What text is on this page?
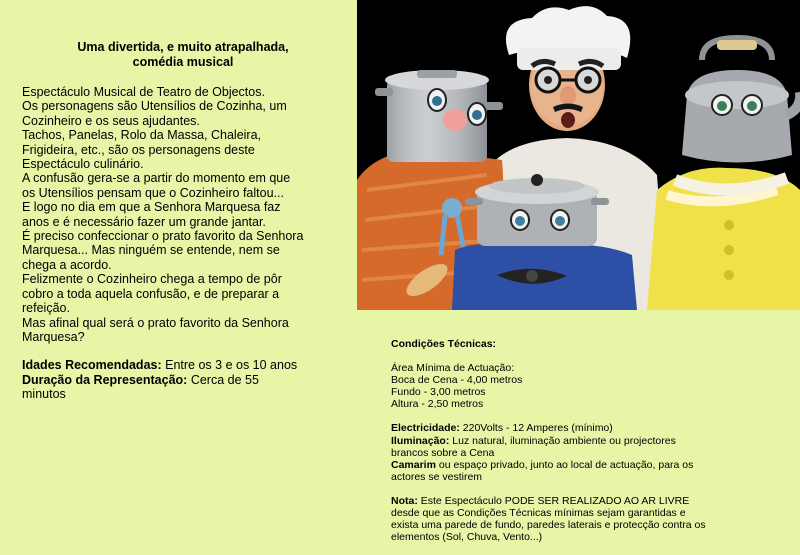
Uma divertida, e muito atrapalhada,
comédia musical

Espectáculo Musical de Teatro de Objectos.
Os personagens são Utensílios de Cozinha, um
Cozinheiro e os seus ajudantes.
Tachos, Panelas, Rolo da Massa, Chaleira,
Frigideira, etc., são os personagens deste
Espectáculo culinário.
A confusão gera-se a partir do momento em que
os Utensílios pensam que o Cozinheiro faltou...
E logo no dia em que a Senhora Marquesa faz
anos e é necessário fazer um grande jantar.
É preciso confeccionar o prato favorito da Senhora
Marquesa... Mas ninguém se entende, nem se
chega a acordo.
Felizmente o Cozinheiro chega a tempo de pôr
cobro a toda aquela confusão, e de preparar a
refeição.
Mas afinal qual será o prato favorito da Senhora
Marquesa?

Idades Recomendadas: Entre os 3 e os 10 anos
Duração da Representação: Cerca de 55
minutos
Condições Técnicas:
Área Mínima de Actuação:
Boca de Cena - 4,00 metros
Fundo - 3,00 metros
Altura - 2,50 metros
Electricidade: 220Volts - 12 Amperes (mínimo)
Iluminação: Luz natural, iluminação ambiente ou projectores
brancos sobre a Cena
Camarim ou espaço privado, junto ao local de actuação, para os
actores se vestirem
Nota: Este Espectáculo PODE SER REALIZADO AO AR LIVRE
desde que as Condições Técnicas mínimas sejam garantidas e
exista uma parede de fundo, paredes laterais e protecção contra os
elementos (Sol, Chuva, Vento...)
